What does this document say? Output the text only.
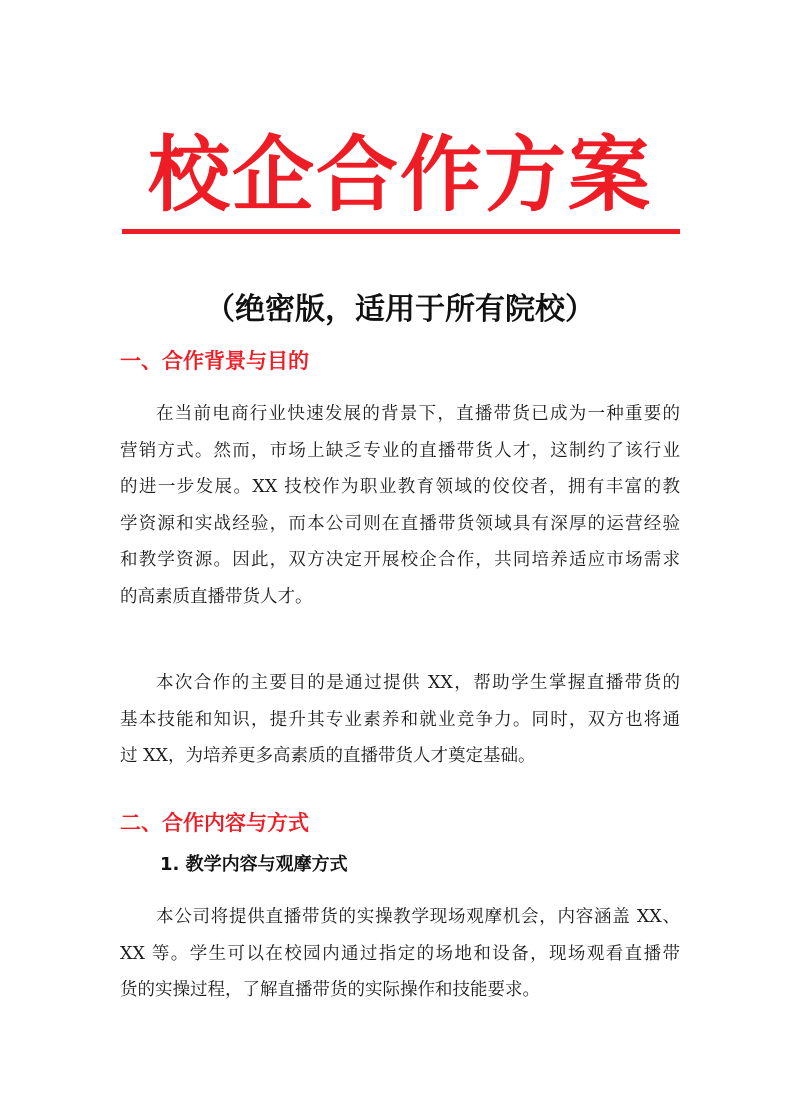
校企合作方案
（绝密版，适用于所有院校）
一、合作背景与目的
在当前电商行业快速发展的背景下，直播带货已成为一种重要的
营销方式。然而，市场上缺乏专业的直播带货人才，这制约了该行业
的进一步发展。XX 技校作为职业教育领域的佼佼者，拥有丰富的教
学资源和实战经验，而本公司则在直播带货领域具有深厚的运营经验
和教学资源。因此，双方决定开展校企合作，共同培养适应市场需求
的高素质直播带货人才。
本次合作的主要目的是通过提供 XX，帮助学生掌握直播带货的
基本技能和知识，提升其专业素养和就业竞争力。同时，双方也将通
过 XX，为培养更多高素质的直播带货人才奠定基础。
二、合作内容与方式
1. 教学内容与观摩方式
本公司将提供直播带货的实操教学现场观摩机会，内容涵盖 XX、
XX 等。学生可以在校园内通过指定的场地和设备，现场观看直播带
货的实操过程，了解直播带货的实际操作和技能要求。
